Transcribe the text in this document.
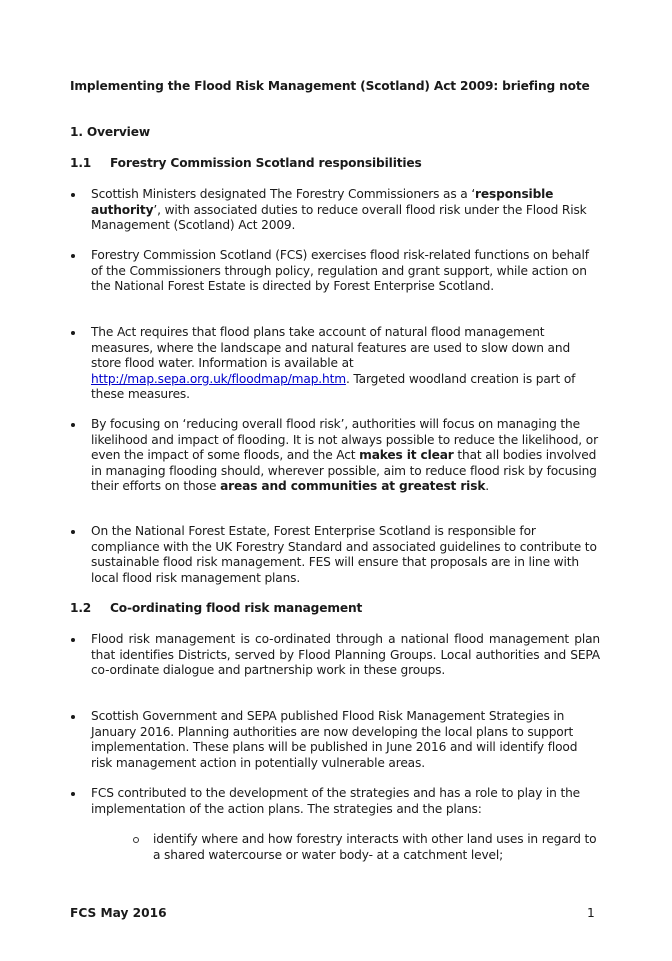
Implementing the Flood Risk Management (Scotland) Act 2009: briefing note
1. Overview
1.1 Forestry Commission Scotland responsibilities
Scottish Ministers designated The Forestry Commissioners as a ‘responsible authority’, with associated duties to reduce overall flood risk under the Flood Risk Management (Scotland) Act 2009.
Forestry Commission Scotland (FCS) exercises flood risk-related functions on behalf of the Commissioners through policy, regulation and grant support, while action on the National Forest Estate is directed by Forest Enterprise Scotland.
The Act requires that flood plans take account of natural flood management measures, where the landscape and natural features are used to slow down and store flood water. Information is available at http://map.sepa.org.uk/floodmap/map.htm. Targeted woodland creation is part of these measures.
By focusing on ‘reducing overall flood risk’, authorities will focus on managing the likelihood and impact of flooding. It is not always possible to reduce the likelihood, or even the impact of some floods, and the Act makes it clear that all bodies involved in managing flooding should, wherever possible, aim to reduce flood risk by focusing their efforts on those areas and communities at greatest risk.
On the National Forest Estate, Forest Enterprise Scotland is responsible for compliance with the UK Forestry Standard and associated guidelines to contribute to sustainable flood risk management. FES will ensure that proposals are in line with local flood risk management plans.
1.2 Co-ordinating flood risk management
Flood risk management is co-ordinated through a national flood management plan that identifies Districts, served by Flood Planning Groups. Local authorities and SEPA co-ordinate dialogue and partnership work in these groups.
Scottish Government and SEPA published Flood Risk Management Strategies in January 2016. Planning authorities are now developing the local plans to support implementation. These plans will be published in June 2016 and will identify flood risk management action in potentially vulnerable areas.
FCS contributed to the development of the strategies and has a role to play in the implementation of the action plans. The strategies and the plans:
identify where and how forestry interacts with other land uses in regard to a shared watercourse or water body- at a catchment level;
FCS May 2016	1
